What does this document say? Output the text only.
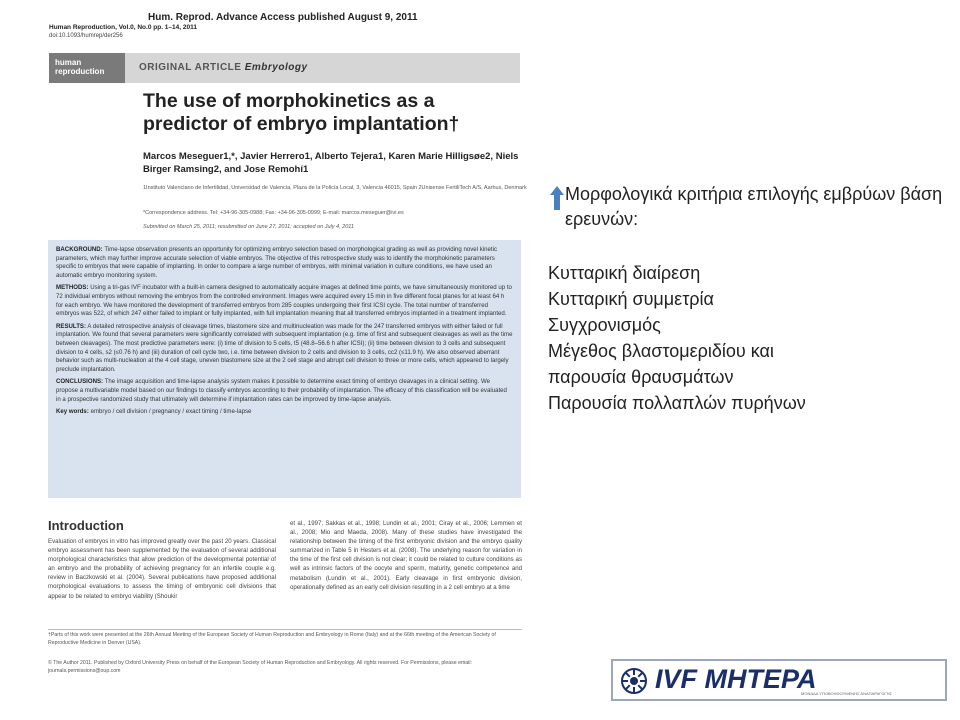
Hum. Reprod. Advance Access published August 9, 2011
Human Reproduction, Vol.0, No.0 pp. 1–14, 2011
doi:10.1093/humrep/der256
human
reproduction	ORIGINAL ARTICLE Embryology
The use of morphokinetics as a predictor of embryo implantation†
Marcos Meseguer1,*, Javier Herrero1, Alberto Tejera1, Karen Marie Hilligsøe2, Niels Birger Ramsing2, and Jose Remohí1
1Instituto Valenciano de Infertilidad, Universidad de Valencia, Plaza de la Policía Local, 3, Valencia 46015, Spain 2Unisense FertiliTech A/S, Aarhus, Denmark
*Correspondence address. Tel: +34-96-305-0988; Fax: +34-96-305-0999; E-mail: marcos.meseguer@ivi.es
Submitted on March 25, 2011; resubmitted on June 27, 2011; accepted on July 4, 2011

BACKGROUND: Time-lapse observation presents an opportunity for optimizing embryo selection based on morphological grading as well as providing novel kinetic parameters, which may further improve accurate selection of viable embryos. The objective of this retrospective study was to identify the morphokinetic parameters specific to embryos that were capable of implanting. In order to compare a large number of embryos, with minimal variation in culture conditions, we have used an automatic embryo monitoring system.

METHODS: Using a tri-gas IVF incubator with a built-in camera designed to automatically acquire images at defined time points, we have simultaneously monitored up to 72 individual embryos without removing the embryos from the controlled environment. Images were acquired every 15 min in five different focal planes for at least 64 h for each embryo. We have monitored the development of transferred embryos from 285 couples undergoing their first ICSI cycle. The total number of transferred embryos was 522, of which 247 either failed to implant or fully implanted, with full implantation meaning that all transferred embryos implanted in a treatment implanted.

RESULTS: A detailed retrospective analysis of cleavage times, blastomere size and multinucleation was made for the 247 transferred embryos with either failed or full implantation. We found that several parameters were significantly correlated with subsequent implantation (e.g. time of first and subsequent cleavages as well as the time between cleavages). The most predictive parameters were: (i) time of division to 5 cells, t5 (48.8–56.6 h after ICSI); (ii) time between division to 3 cells and subsequent division to 4 cells, s2 (≤0.76 h) and (iii) duration of cell cycle two, i.e. time between division to 2 cells and division to 3 cells, cc2 (≤11.9 h). We also observed aberrant behavior such as multi-nucleation at the 4 cell stage, uneven blastomere size at the 2 cell stage and abrupt cell division to three or more cells, which appeared to largely preclude implantation.

CONCLUSIONS: The image acquisition and time-lapse analysis system makes it possible to determine exact timing of embryo cleavages in a clinical setting. We propose a multivariable model based on our findings to classify embryos according to their probability of implantation. The efficacy of this classification will be evaluated in a prospective randomized study that ultimately will determine if implantation rates can be improved by time-lapse analysis.

Key words: embryo / cell division / pregnancy / exact timing / time-lapse
Introduction
Evaluation of embryos in vitro has improved greatly over the past 20 years. Classical embryo assessment has been supplemented by the evaluation of several additional morphological characteristics that allow prediction of the developmental potential of an embryo and the probability of achieving pregnancy for an infertile couple e.g. review in Baczkowski et al. (2004). Several publications have proposed additional morphological evaluations to assess the timing of embryonic cell divisions that appear to be related to embryo viability (Shoukir
et al., 1997; Sakkas et al., 1998; Lundin et al., 2001; Ciray et al., 2006; Lemmen et al., 2008; Mio and Maeda, 2008). Many of these studies have investigated the relationship between the timing of the first embryonic division and the embryo quality summarized in Table 5 in Hesters et al. (2008). The underlying reason for variation in the time of the first cell division is not clear; it could be related to culture conditions as well as intrinsic factors of the oocyte and sperm, maturity, genetic competence and metabolism (Lundin et al., 2001). Early cleavage in first embryonic division, operationally defined as an early cell division resulting in a 2 cell embryo at a time
†Parts of this work were presented at the 26th Annual Meeting of the European Society of Human Reproduction and Embryology in Rome (Italy) and at the 66th meeting of the American Society of Reproductive Medicine in Denver (USA).
© The Author 2011. Published by Oxford University Press on behalf of the European Society of Human Reproduction and Embryology. All rights reserved. For Permissions, please email: journals.permissions@oup.com
Μορφολογικά κριτήρια επιλογής εμβρύων βάση ερευνών:
Κυτταρική διαίρεση
Κυτταρική συμμετρία
Συγχρονισμός
Μέγεθος βλαστομεριδίου και
παρουσία θραυσμάτων
Παρουσία πολλαπλών πυρήνων
IVF ΜΗΤΕΡΑ
ΜΟΝΑΔΑ ΥΠΟΒΟΗΘΟΥΜΕΝΗΣ ΑΝΑΠΑΡΑΓΩΓΗΣ
